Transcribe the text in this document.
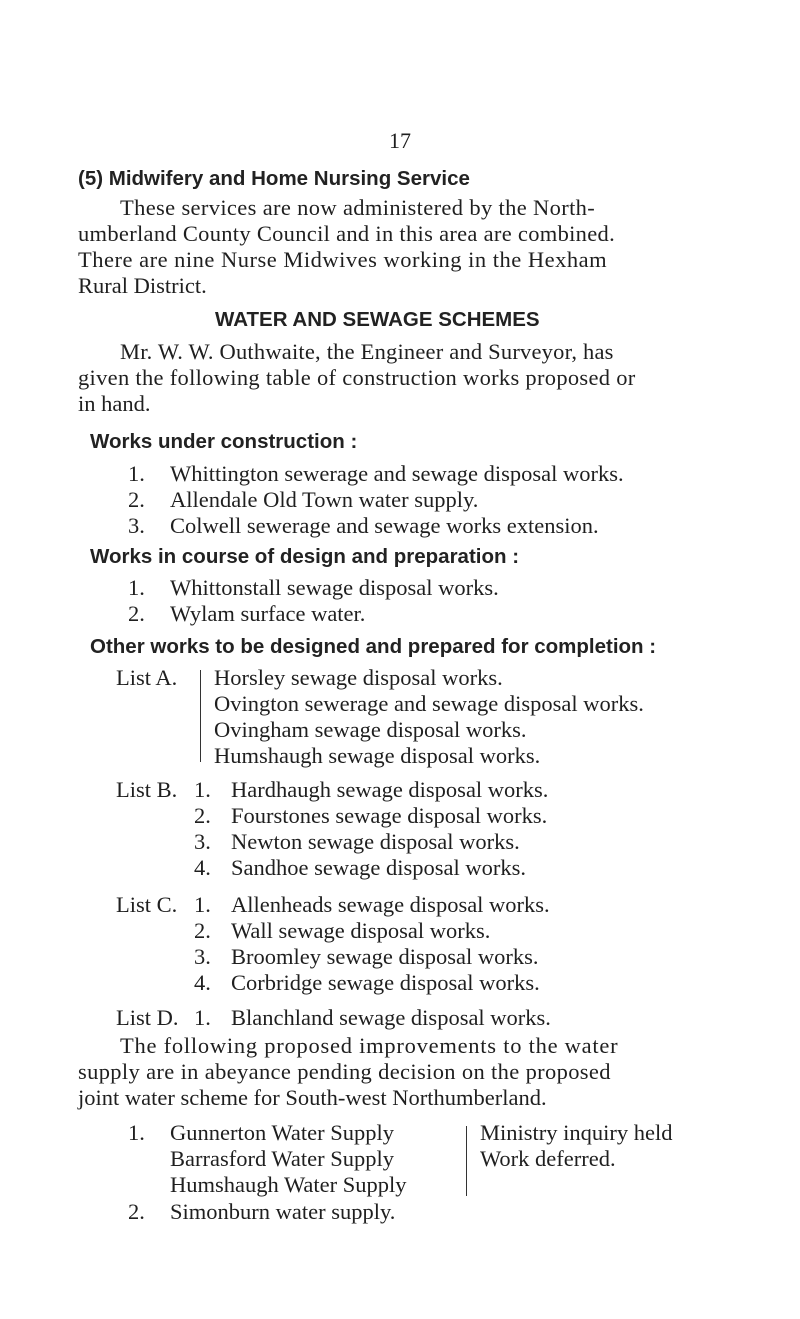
17
(5) Midwifery and Home Nursing Service
These services are now administered by the North-
umberland County Council and in this area are combined.
There are nine Nurse Midwives working in the Hexham
Rural District.
WATER AND SEWAGE SCHEMES
Mr. W. W. Outhwaite, the Engineer and Surveyor, has
given the following table of construction works proposed or
in hand.
Works under construction :
1. Whittington sewerage and sewage disposal works.
2. Allendale Old Town water supply.
3. Colwell sewerage and sewage works extension.
Works in course of design and preparation :
1. Whittonstall sewage disposal works.
2. Wylam surface water.
Other works to be designed and prepared for completion :
List A. Horsley sewage disposal works.
Ovington sewerage and sewage disposal works.
Ovingham sewage disposal works.
Humshaugh sewage disposal works.
List B. 1. Hardhaugh sewage disposal works.
2. Fourstones sewage disposal works.
3. Newton sewage disposal works.
4. Sandhoe sewage disposal works.
List C. 1. Allenheads sewage disposal works.
2. Wall sewage disposal works.
3. Broomley sewage disposal works.
4. Corbridge sewage disposal works.
List D. 1. Blanchland sewage disposal works.
The following proposed improvements to the water
supply are in abeyance pending decision on the proposed
joint water scheme for South-west Northumberland.
1. Gunnerton Water Supply
Barrasford Water Supply
Humshaugh Water Supply
Ministry inquiry held
Work deferred.
2. Simonburn water supply.
